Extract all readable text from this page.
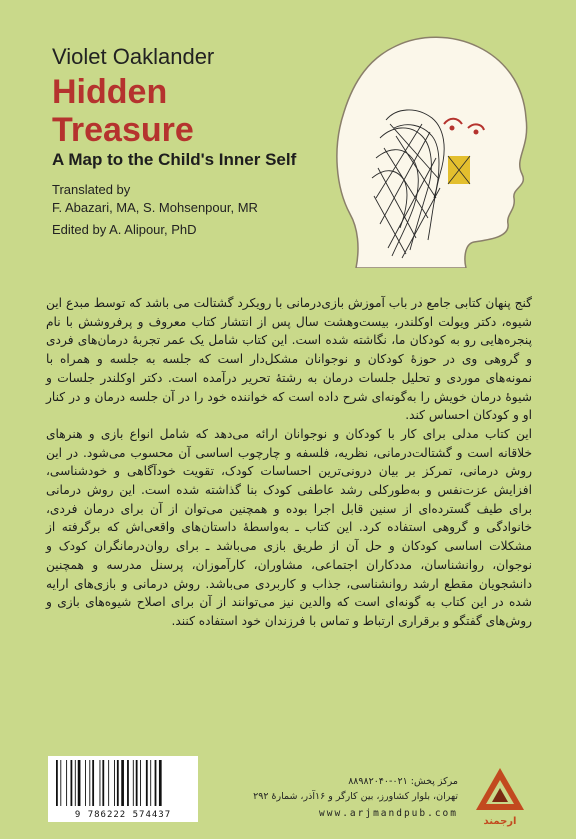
Violet Oaklander
Hidden
Treasure
A Map to the Child's Inner Self
Translated by
F. Abazari, MA, S. Mohsenpour, MR
Edited by A. Alipour, PhD

گنج پنهان کتابی جامع در باب آموزش بازی‌درمانی با رویکرد گشتالت می باشد که توسط مبدع این شیوه، دکتر ویولت اوکلندر، بیست‌وهشت سال پس از انتشار کتاب معروف و پرفروشش با نام پنجره‌هایی رو به کودکان ما، نگاشته شده است. این کتاب شامل یک عمر تجربهٔ درمان‌های فردی و گروهی وی در حوزهٔ کودکان و نوجوانان مشکل‌دار است که جلسه به جلسه و همراه با نمونه‌های موردی و تحلیل جلسات درمان به رشتهٔ تحریر درآمده است. دکتر اوکلندر جلسات و شیوهٔ درمان خویش را به‌گونه‌ای شرح داده است که خواننده خود را در آن جلسه درمان و در کنار او و کودکان احساس کند.

این کتاب مدلی برای کار با کودکان و نوجوانان ارائه می‌دهد که شامل انواع بازی و هنرهای خلاقانه است و گشتالت‌درمانی، نظریه، فلسفه و چارچوب اساسی آن محسوب می‌شود. در این روش درمانی، تمرکز بر بیان درونی‌ترین احساسات کودک، تقویت خودآگاهی و خودشناسی، افزایش عزت‌نفس و به‌طورکلی رشد عاطفی کودک بنا گذاشته شده است. این روش درمانی برای طیف گسترده‌ای از سنین قابل اجرا بوده و همچنین می‌توان از آن برای درمان فردی، خانوادگی و گروهی استفاده کرد. این کتاب ـ به‌واسطهٔ داستان‌های واقعی‌اش که برگرفته از مشکلات اساسی کودکان و حل آن از طریق بازی می‌باشد ـ برای روان‌درمانگران کودک و نوجوان، روانشناسان، مددکاران اجتماعی، مشاوران، کارآموزان، پرسنل مدرسه و همچنین دانشجویان مقطع ارشد روانشناسی، جذاب و کاربردی می‌باشد. روش درمانی و بازی‌های ارایه شده در این کتاب به گونه‌ای است که والدین نیز می‌توانند از آن برای اصلاح شیوه‌های بازی و روش‌های گفتگو و برقراری ارتباط و تماس با فرزندان خود استفاده کنند.

9 786222 574437
مرکز پخش: ۰۲۱-۸۸۹۸۲۰۴۰
تهران، بلوار کشاورز، بین کارگر و ۱۶آذر، شمارهٔ ۲۹۲
www.arjmandpub.com
ارجمند
